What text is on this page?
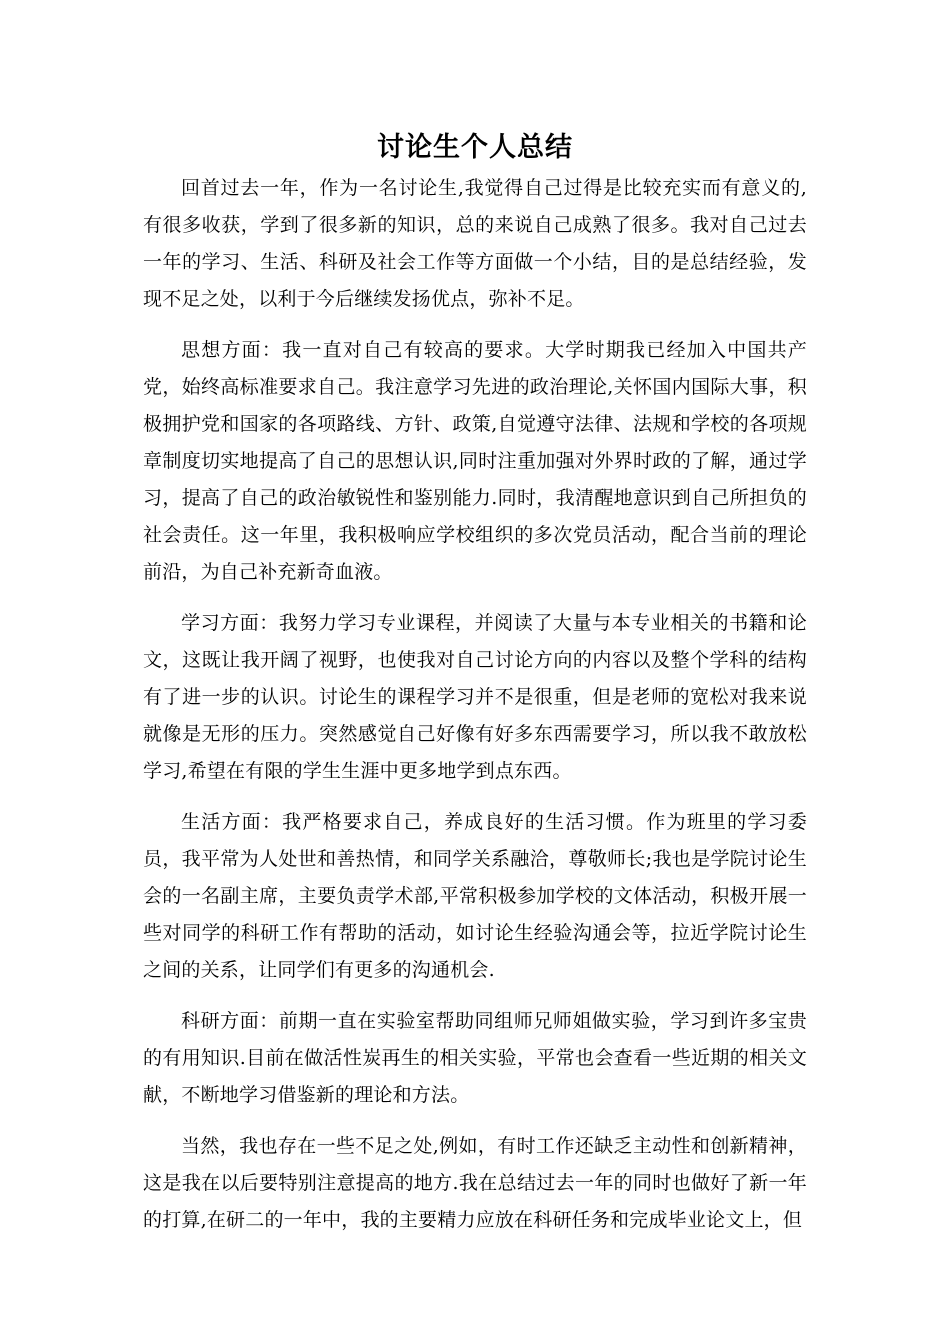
讨论生个人总结

回首过去一年，作为一名讨论生,我觉得自己过得是比较充实而有意义的,有很多收获，学到了很多新的知识，总的来说自己成熟了很多。我对自己过去一年的学习、生活、科研及社会工作等方面做一个小结，目的是总结经验，发现不足之处，以利于今后继续发扬优点，弥补不足。

思想方面：我一直对自己有较高的要求。大学时期我已经加入中国共产党，始终高标准要求自己。我注意学习先进的政治理论,关怀国内国际大事，积极拥护党和国家的各项路线、方针、政策,自觉遵守法律、法规和学校的各项规章制度切实地提高了自己的思想认识,同时注重加强对外界时政的了解，通过学习，提高了自己的政治敏锐性和鉴别能力.同时，我清醒地意识到自己所担负的社会责任。这一年里，我积极响应学校组织的多次党员活动，配合当前的理论前沿，为自己补充新奇血液。

学习方面：我努力学习专业课程，并阅读了大量与本专业相关的书籍和论文，这既让我开阔了视野，也使我对自己讨论方向的内容以及整个学科的结构有了进一步的认识。讨论生的课程学习并不是很重，但是老师的宽松对我来说就像是无形的压力。突然感觉自己好像有好多东西需要学习，所以我不敢放松学习,希望在有限的学生生涯中更多地学到点东西。

生活方面：我严格要求自己，养成良好的生活习惯。作为班里的学习委员，我平常为人处世和善热情，和同学关系融洽，尊敬师长;我也是学院讨论生会的一名副主席，主要负责学术部,平常积极参加学校的文体活动，积极开展一些对同学的科研工作有帮助的活动，如讨论生经验沟通会等，拉近学院讨论生之间的关系，让同学们有更多的沟通机会.

科研方面：前期一直在实验室帮助同组师兄师姐做实验，学习到许多宝贵的有用知识.目前在做活性炭再生的相关实验，平常也会查看一些近期的相关文献，不断地学习借鉴新的理论和方法。

当然，我也存在一些不足之处,例如，有时工作还缺乏主动性和创新精神，这是我在以后要特别注意提高的地方.我在总结过去一年的同时也做好了新一年的打算,在研二的一年中，我的主要精力应放在科研任务和完成毕业论文上，但
